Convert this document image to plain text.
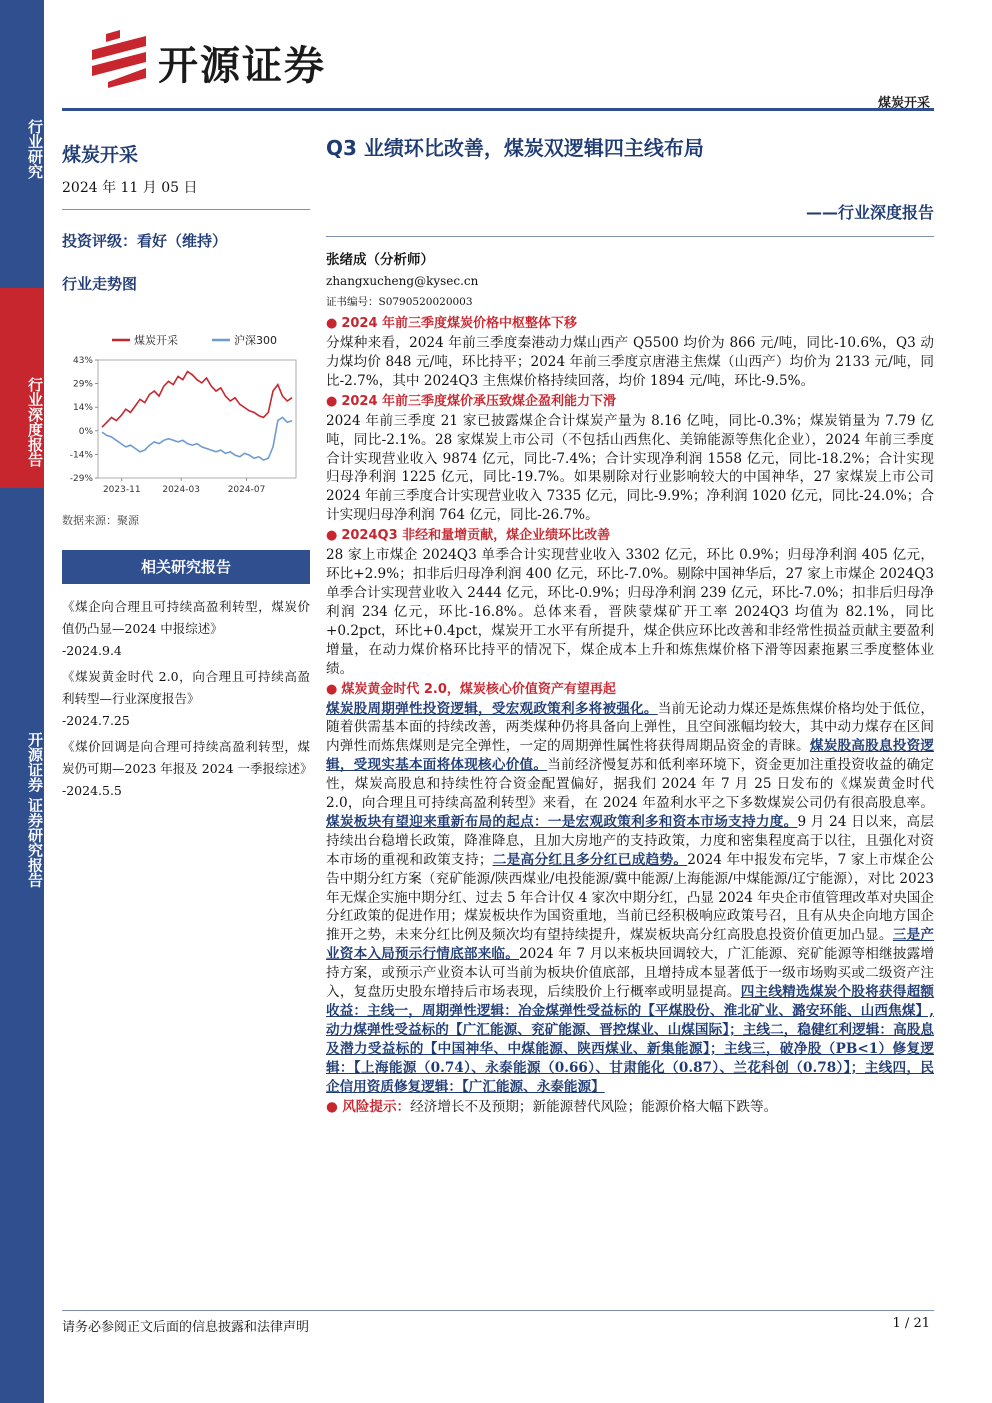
行业研究
行业深度报告
开源证券 证券研究报告
开源证券
煤炭开采
煤炭开采
2024 年 11 月 05 日
投资评级：看好（维持）
行业走势图
43%
29%
14%
0%
-14%
-29%
2023-11 2024-03	2024-07
煤炭开采	沪深300
数据来源：聚源
相关研究报告
《煤企向合理且可持续高盈利转型，煤炭价值仍凸显—2024 中报综述》
-2024.9.4
《煤炭黄金时代 2.0，向合理且可持续高盈利转型—行业深度报告》
-2024.7.25
《煤价回调是向合理可持续高盈利转型，煤炭仍可期—2023 年报及 2024 一季报综述》
-2024.5.5
Q3 业绩环比改善，煤炭双逻辑四主线布局
——行业深度报告
张绪成（分析师）
zhangxucheng@kysec.cn
证书编号：S0790520020003
● 2024 年前三季度煤炭价格中枢整体下移
分煤种来看，2024 年前三季度秦港动力煤山西产 Q5500 均价为 866 元/吨，同比-10.6%，Q3 动力煤均价 848 元/吨，环比持平；2024 年前三季度京唐港主焦煤（山西产）均价为 2133 元/吨，同比-2.7%，其中 2024Q3 主焦煤价格持续回落，均价 1894 元/吨，环比-9.5%。
● 2024 年前三季度煤价承压致煤企盈利能力下滑
2024 年前三季度 21 家已披露煤企合计煤炭产量为 8.16 亿吨，同比-0.3%；煤炭销量为 7.79 亿吨，同比-2.1%。28 家煤炭上市公司（不包括山西焦化、美锦能源等焦化企业），2024 年前三季度合计实现营业收入 9874 亿元，同比-7.4%；合计实现净利润 1558 亿元，同比-18.2%；合计实现归母净利润 1225 亿元，同比-19.7%。如果剔除对行业影响较大的中国神华，27 家煤炭上市公司 2024 年前三季度合计实现营业收入 7335 亿元，同比-9.9%；净利润 1020 亿元，同比-24.0%；合计实现归母净利润 764 亿元，同比-26.7%。
● 2024Q3 非经和量增贡献，煤企业绩环比改善
28 家上市煤企 2024Q3 单季合计实现营业收入 3302 亿元，环比 0.9%；归母净利润 405 亿元，环比+2.9%；扣非后归母净利润 400 亿元，环比-7.0%。剔除中国神华后，27 家上市煤企 2024Q3 单季合计实现营业收入 2444 亿元，环比-0.9%；归母净利润 239 亿元，环比-7.0%；扣非后归母净利润 234 亿元，环比-16.8%。总体来看，晋陕蒙煤矿开工率 2024Q3 均值为 82.1%，同比+0.2pct，环比+0.4pct，煤炭开工水平有所提升，煤企供应环比改善和非经常性损益贡献主要盈利增量，在动力煤价格环比持平的情况下，煤企成本上升和炼焦煤价格下滑等因素拖累三季度整体业绩。
● 煤炭黄金时代 2.0，煤炭核心价值资产有望再起
煤炭股周期弹性投资逻辑，受宏观政策利多将被强化。当前无论动力煤还是炼焦煤价格均处于低位，随着供需基本面的持续改善，两类煤种仍将具备向上弹性，且空间涨幅均较大，其中动力煤存在区间内弹性而炼焦煤则是完全弹性，一定的周期弹性属性将获得周期品资金的青睐。煤炭股高股息投资逻辑，受现实基本面将体现核心价值。当前经济慢复苏和低利率环境下，资金更加注重投资收益的确定性，煤炭高股息和持续性符合资金配置偏好，据我们 2024 年 7 月 25 日发布的《煤炭黄金时代 2.0，向合理且可持续高盈利转型》来看，在 2024 年盈利水平之下多数煤炭公司仍有很高股息率。煤炭板块有望迎来重新布局的起点：一是宏观政策利多和资本市场支持力度。9 月 24 日以来，高层持续出台稳增长政策，降准降息，且加大房地产的支持政策，力度和密集程度高于以往，且强化对资本市场的重视和政策支持；二是高分红且多分红已成趋势。2024 年中报发布完毕，7 家上市煤企公告中期分红方案（兖矿能源/陕西煤业/电投能源/冀中能源/上海能源/中煤能源/辽宁能源），对比 2023 年无煤企实施中期分红、过去 5 年合计仅 4 家次中期分红，凸显 2024 年央企市值管理改革对央国企分红政策的促进作用；煤炭板块作为国资重地，当前已经积极响应政策号召，且有从央企向地方国企推开之势，未来分红比例及频次均有望持续提升，煤炭板块高分红高股息投资价值更加凸显。三是产业资本入局预示行情底部来临。2024 年 7 月以来板块回调较大，广汇能源、兖矿能源等相继披露增持方案，或预示产业资本认可当前为板块价值底部，且增持成本显著低于一级市场购买或二级资产注入，复盘历史股东增持后市场表现，后续股价上行概率或明显提高。四主线精选煤炭个股将获得超额收益：主线一，周期弹性逻辑：冶金煤弹性受益标的【平煤股份、淮北矿业、潞安环能、山西焦煤】,动力煤弹性受益标的【广汇能源、兖矿能源、晋控煤业、山煤国际】；主线二，稳健红利逻辑：高股息及潜力受益标的【中国神华、中煤能源、陕西煤业、新集能源】；主线三，破净股（PB<1）修复逻辑：【上海能源（0.74）、永泰能源（0.66）、甘肃能化（0.87）、兰花科创（0.78）】；主线四，民企信用资质修复逻辑：【广汇能源、永泰能源】
● 风险提示：经济增长不及预期；新能源替代风险；能源价格大幅下跌等。
请务必参阅正文后面的信息披露和法律声明	1 / 21
